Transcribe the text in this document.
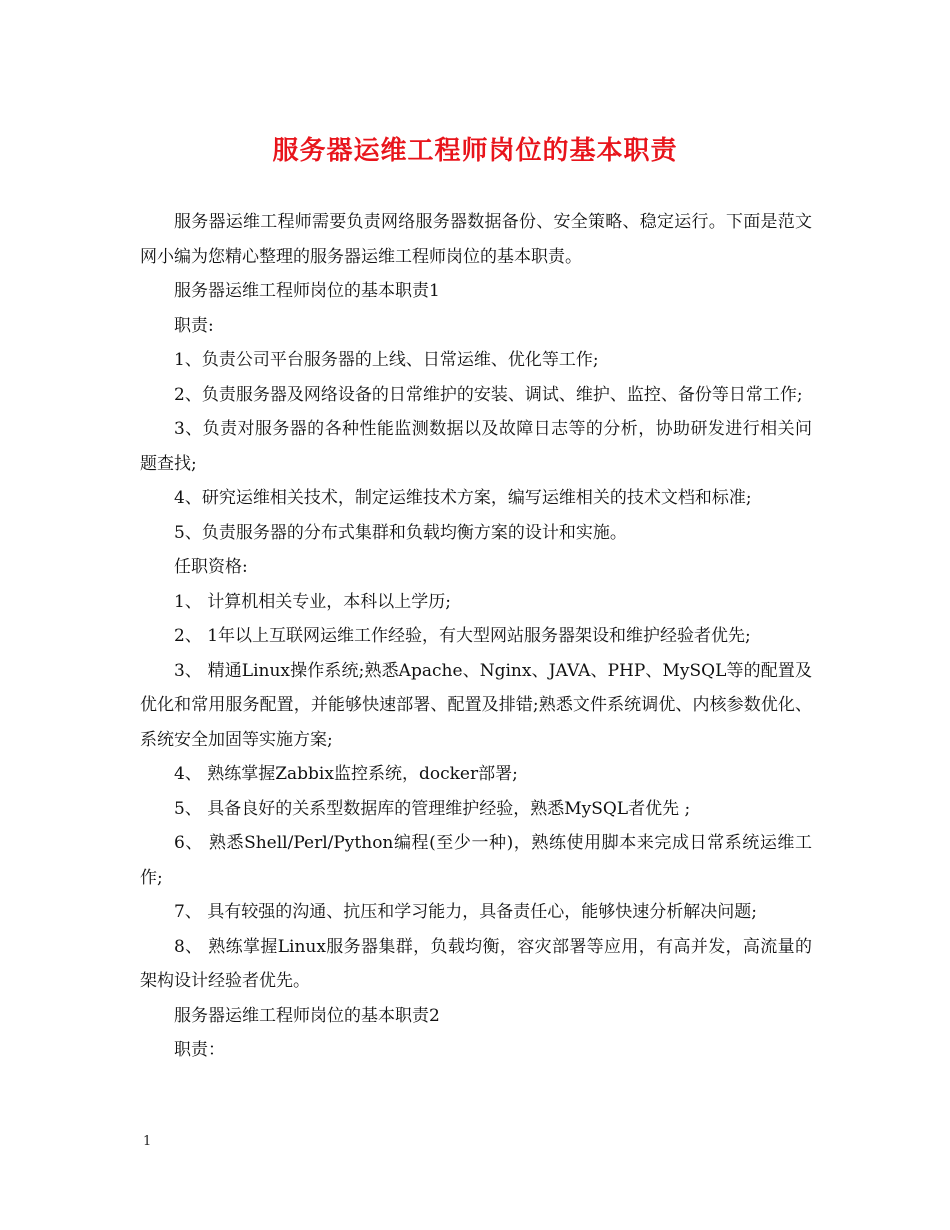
服务器运维工程师岗位的基本职责

服务器运维工程师需要负责网络服务器数据备份、安全策略、稳定运行。下面是范文网小编为您精心整理的服务器运维工程师岗位的基本职责。

服务器运维工程师岗位的基本职责1

职责:

1、负责公司平台服务器的上线、日常运维、优化等工作;

2、负责服务器及网络设备的日常维护的安装、调试、维护、监控、备份等日常工作;

3、负责对服务器的各种性能监测数据以及故障日志等的分析，协助研发进行相关问题查找;

4、研究运维相关技术，制定运维技术方案，编写运维相关的技术文档和标准;

5、负责服务器的分布式集群和负载均衡方案的设计和实施。

任职资格:

1、 计算机相关专业，本科以上学历;

2、 1年以上互联网运维工作经验，有大型网站服务器架设和维护经验者优先;

3、 精通Linux操作系统;熟悉Apache、Nginx、JAVA、PHP、MySQL等的配置及优化和常用服务配置，并能够快速部署、配置及排错;熟悉文件系统调优、内核参数优化、系统安全加固等实施方案;

4、 熟练掌握Zabbix监控系统，docker部署;

5、 具备良好的关系型数据库的管理维护经验，熟悉MySQL者优先 ;

6、 熟悉Shell/Perl/Python编程(至少一种)，熟练使用脚本来完成日常系统运维工作;

7、 具有较强的沟通、抗压和学习能力，具备责任心，能够快速分析解决问题;

8、 熟练掌握Linux服务器集群，负载均衡，容灾部署等应用，有高并发，高流量的架构设计经验者优先。

服务器运维工程师岗位的基本职责2

职责：

1
